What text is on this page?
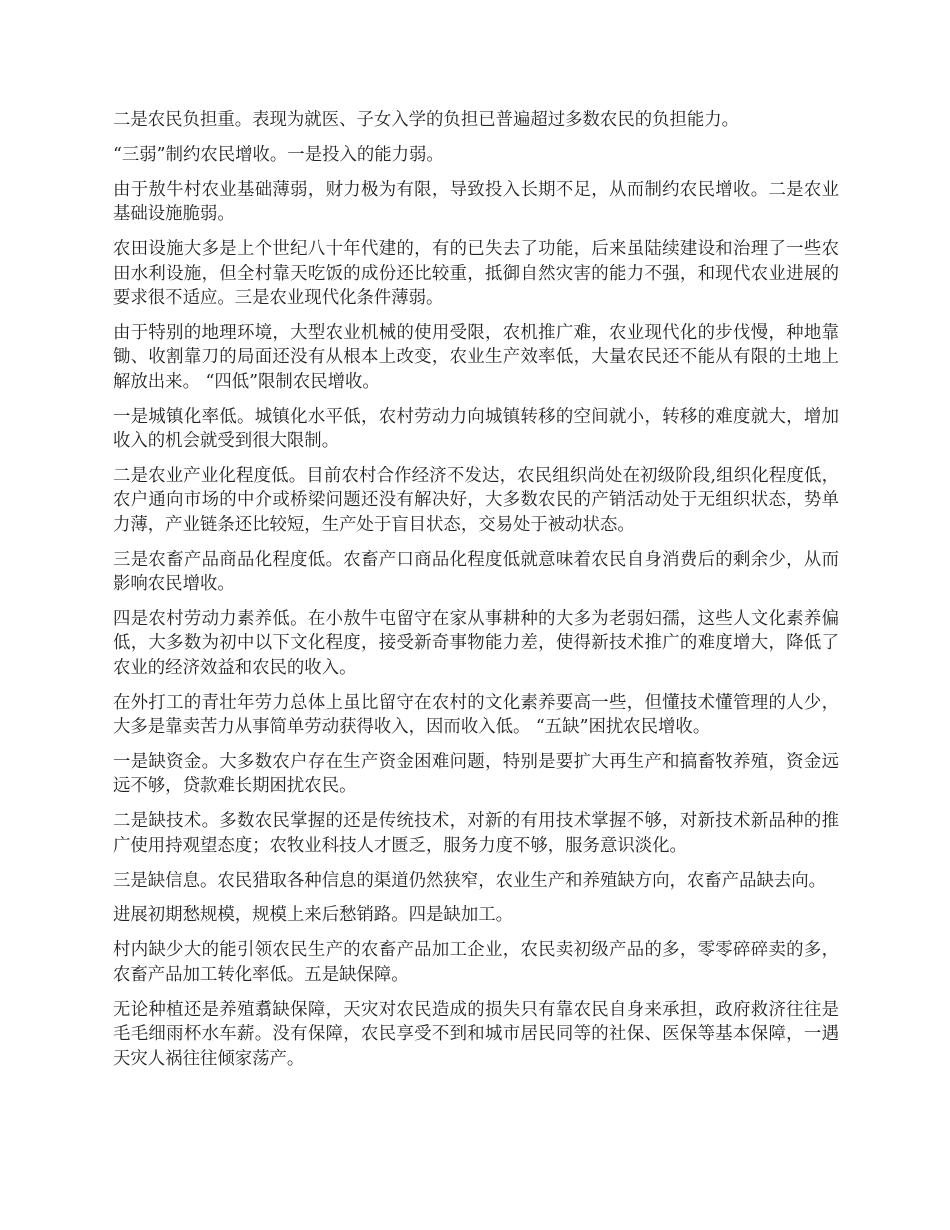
二是农民负担重。表现为就医、子女入学的负担已普遍超过多数农民的负担能力。

“三弱”制约农民增收。一是投入的能力弱。

由于敖牛村农业基础薄弱，财力极为有限，导致投入长期不足，从而制约农民增收。二是农业基础设施脆弱。

农田设施大多是上个世纪八十年代建的，有的已失去了功能，后来虽陆续建设和治理了一些农田水利设施，但全村靠天吃饭的成份还比较重，抵御自然灾害的能力不强，和现代农业进展的要求很不适应。三是农业现代化条件薄弱。

由于特别的地理环境，大型农业机械的使用受限，农机推广难，农业现代化的步伐慢，种地靠锄、收割靠刀的局面还没有从根本上改变，农业生产效率低，大量农民还不能从有限的土地上解放出来。 “四低”限制农民增收。

一是城镇化率低。城镇化水平低，农村劳动力向城镇转移的空间就小，转移的难度就大，增加收入的机会就受到很大限制。

二是农业产业化程度低。目前农村合作经济不发达，农民组织尚处在初级阶段,组织化程度低，农户通向市场的中介或桥梁问题还没有解决好，大多数农民的产销活动处于无组织状态，势单力薄，产业链条还比较短，生产处于盲目状态，交易处于被动状态。

三是农畜产品商品化程度低。农畜产口商品化程度低就意味着农民自身消费后的剩余少，从而影响农民增收。

四是农村劳动力素养低。在小敖牛屯留守在家从事耕种的大多为老弱妇孺，这些人文化素养偏低，大多数为初中以下文化程度，接受新奇事物能力差，使得新技术推广的难度增大，降低了农业的经济效益和农民的收入。

在外打工的青壮年劳力总体上虽比留守在农村的文化素养要高一些，但懂技术懂管理的人少，大多是靠卖苦力从事简单劳动获得收入，因而收入低。 “五缺”困扰农民增收。

一是缺资金。大多数农户存在生产资金困难问题，特别是要扩大再生产和搞畜牧养殖，资金远远不够，贷款难长期困扰农民。

二是缺技术。多数农民掌握的还是传统技术，对新的有用技术掌握不够，对新技术新品种的推广使用持观望态度；农牧业科技人才匮乏，服务力度不够，服务意识淡化。

三是缺信息。农民猎取各种信息的渠道仍然狭窄，农业生产和养殖缺方向，农畜产品缺去向。

进展初期愁规模，规模上来后愁销路。四是缺加工。

村内缺少大的能引领农民生产的农畜产品加工企业，农民卖初级产品的多，零零碎碎卖的多，农畜产品加工转化率低。五是缺保障。

无论种植还是养殖翥缺保障，天灾对农民造成的损失只有靠农民自身来承担，政府救济往往是毛毛细雨杯水车薪。没有保障，农民享受不到和城市居民同等的社保、医保等基本保障，一遇天灾人祸往往倾家荡产。
